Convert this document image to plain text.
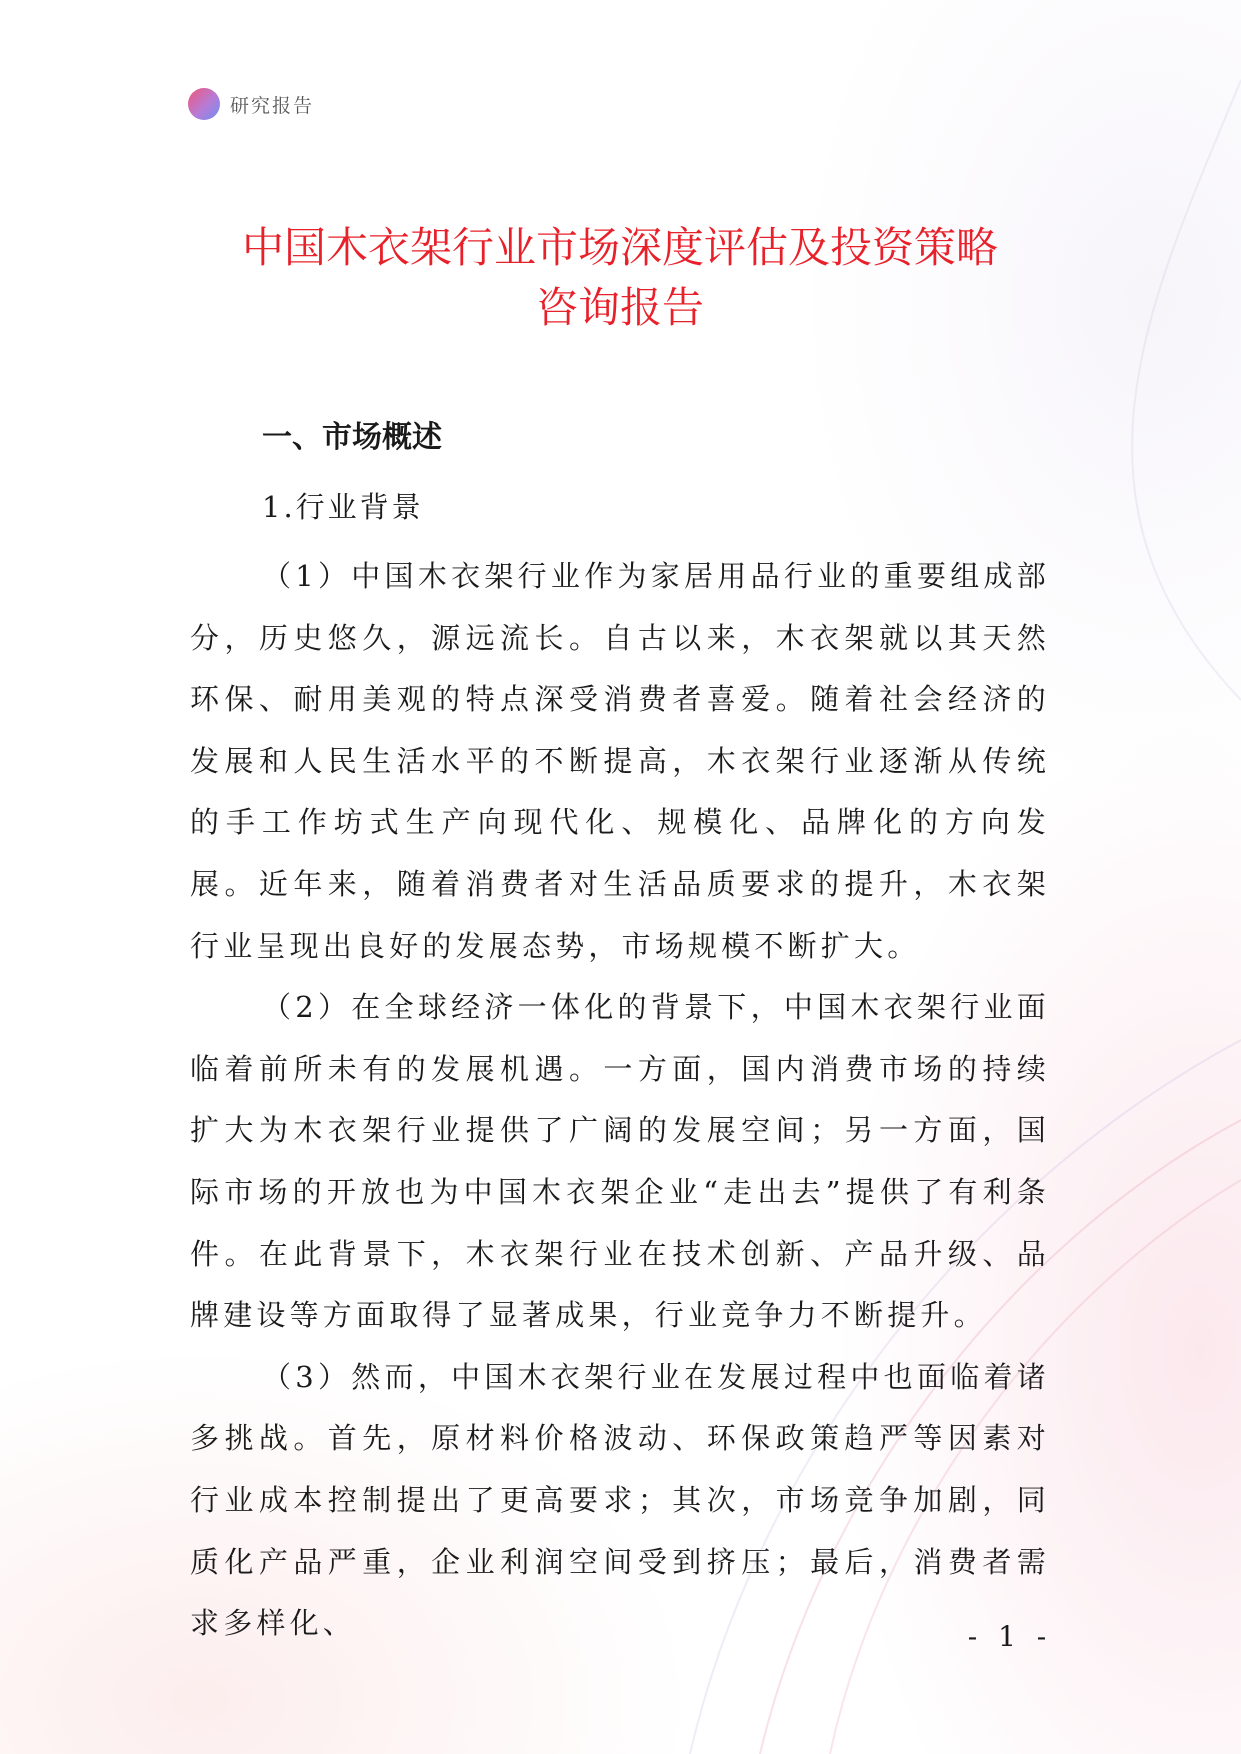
研究报告
中国木衣架行业市场深度评估及投资策略
咨询报告
一、市场概述

1.行业背景

（1）中国木衣架行业作为家居用品行业的重要组成部分，历史悠久，源远流长。自古以来，木衣架就以其天然环保、耐用美观的特点深受消费者喜爱。随着社会经济的发展和人民生活水平的不断提高，木衣架行业逐渐从传统的手工作坊式生产向现代化、规模化、品牌化的方向发展。近年来，随着消费者对生活品质要求的提升，木衣架行业呈现出良好的发展态势，市场规模不断扩大。

（2）在全球经济一体化的背景下，中国木衣架行业面临着前所未有的发展机遇。一方面，国内消费市场的持续扩大为木衣架行业提供了广阔的发展空间；另一方面，国际市场的开放也为中国木衣架企业“走出去”提供了有利条件。在此背景下，木衣架行业在技术创新、产品升级、品牌建设等方面取得了显著成果，行业竞争力不断提升。

（3）然而，中国木衣架行业在发展过程中也面临着诸多挑战。首先，原材料价格波动、环保政策趋严等因素对行业成本控制提出了更高要求；其次，市场竞争加剧，同质化产品严重，企业利润空间受到挤压；最后，消费者需求多样化、	- 1 -
